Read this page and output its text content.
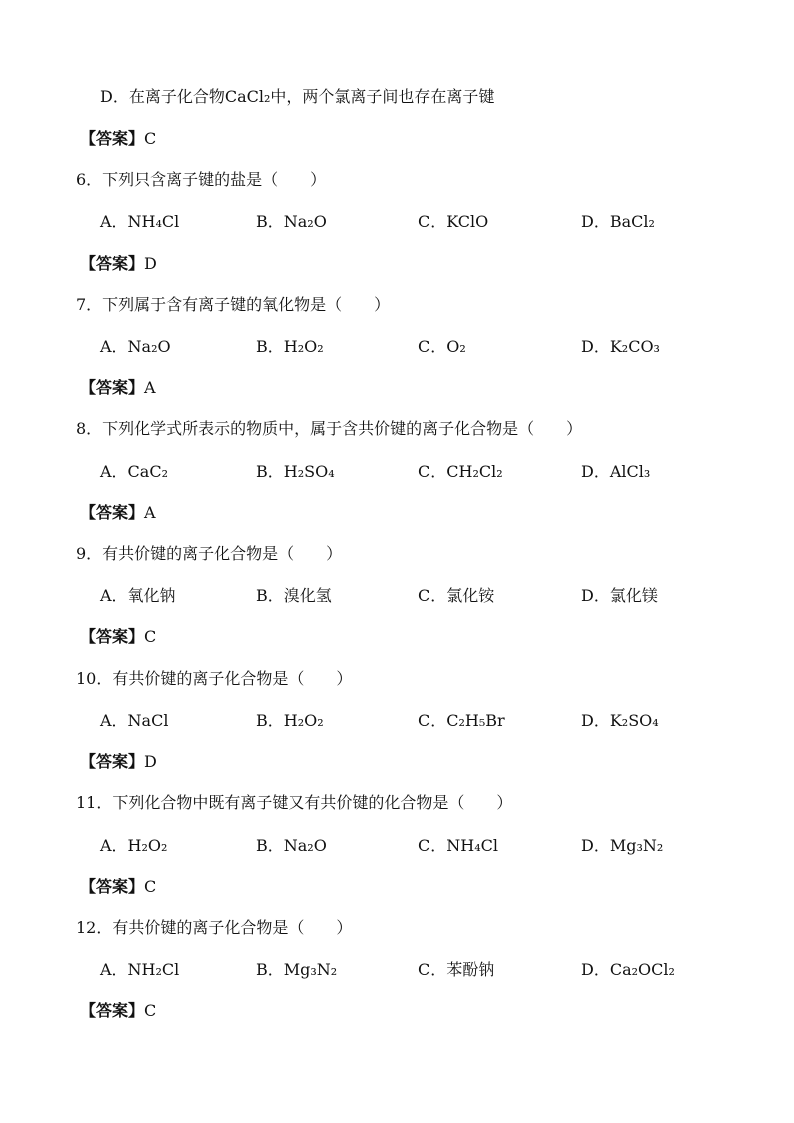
D．在离子化合物CaCl₂中，两个氯离子间也存在离子键
【答案】C
6．下列只含离子键的盐是（　　）
A．NH₄Cl	B．Na₂O	C．KClO	D．BaCl₂
【答案】D
7．下列属于含有离子键的氧化物是（　　）
A．Na₂O	B．H₂O₂	C．O₂	D．K₂CO₃
【答案】A
8．下列化学式所表示的物质中，属于含共价键的离子化合物是（　　）
A．CaC₂	B．H₂SO₄	C．CH₂Cl₂	D．AlCl₃
【答案】A
9．有共价键的离子化合物是（　　）
A．氧化钠	B．溴化氢	C．氯化铵	D．氯化镁
【答案】C
10．有共价键的离子化合物是（　　）
A．NaCl	B．H₂O₂	C．C₂H₅Br	D．K₂SO₄
【答案】D
11．下列化合物中既有离子键又有共价键的化合物是（　　）
A．H₂O₂	B．Na₂O	C．NH₄Cl	D．Mg₃N₂
【答案】C
12．有共价键的离子化合物是（　　）
A．NH₂Cl	B．Mg₃N₂	C．苯酚钠	D．Ca₂OCl₂
【答案】C
